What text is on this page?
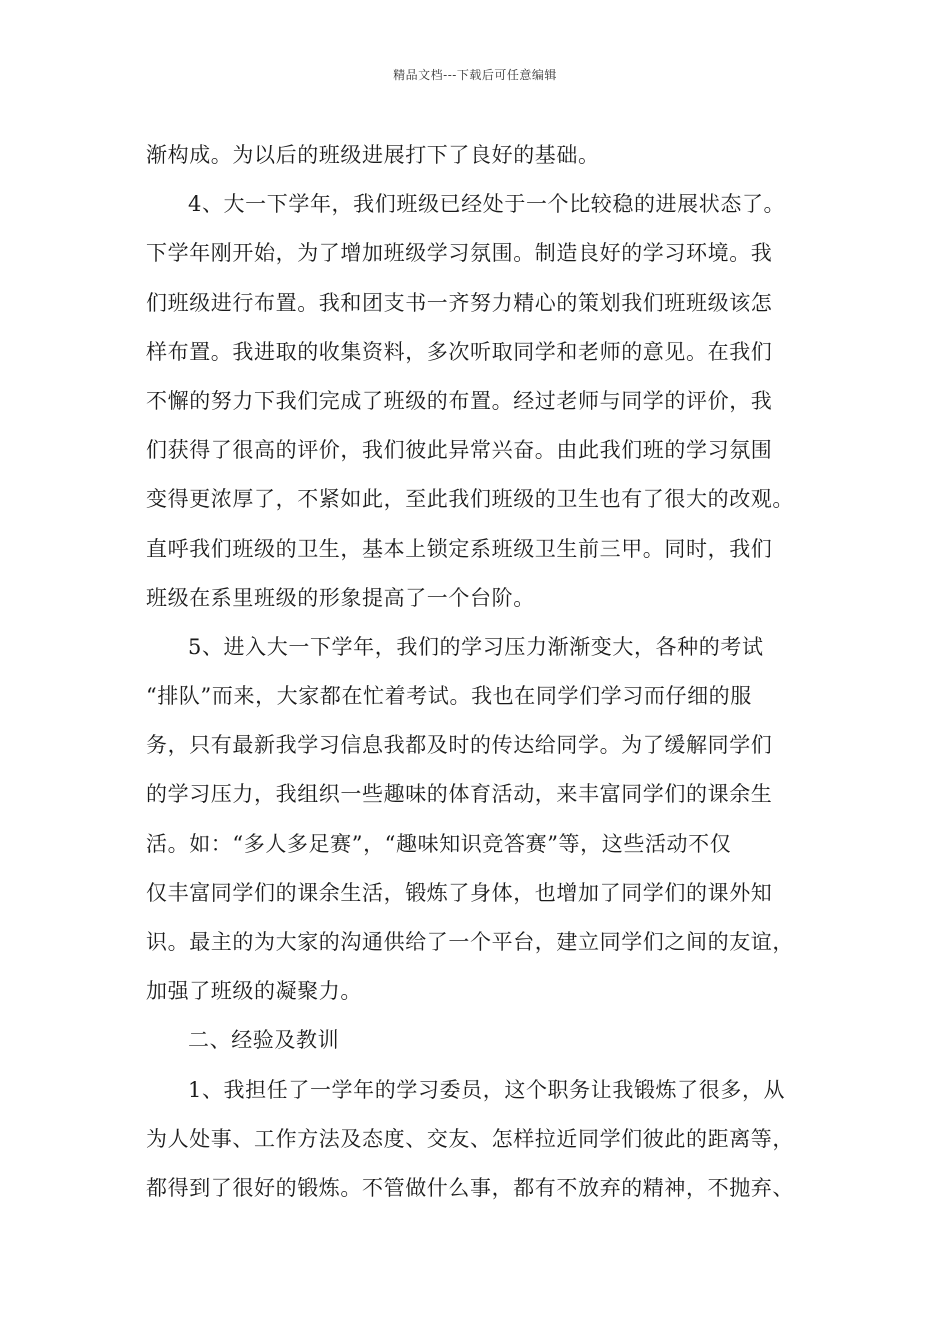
精品文档---下载后可任意编辑
渐构成。为以后的班级进展打下了良好的基础。
4、大一下学年，我们班级已经处于一个比较稳的进展状态了。
下学年刚开始，为了增加班级学习氛围。制造良好的学习环境。我
们班级进行布置。我和团支书一齐努力精心的策划我们班班级该怎
样布置。我进取的收集资料，多次听取同学和老师的意见。在我们
不懈的努力下我们完成了班级的布置。经过老师与同学的评价，我
们获得了很高的评价，我们彼此异常兴奋。由此我们班的学习氛围
变得更浓厚了，不紧如此，至此我们班级的卫生也有了很大的改观。
直呼我们班级的卫生，基本上锁定系班级卫生前三甲。同时，我们
班级在系里班级的形象提高了一个台阶。
5、进入大一下学年，我们的学习压力渐渐变大，各种的考试
“排队”而来，大家都在忙着考试。我也在同学们学习而仔细的服
务，只有最新我学习信息我都及时的传达给同学。为了缓解同学们
的学习压力，我组织一些趣味的体育活动，来丰富同学们的课余生
活。如：“多人多足赛”，“趣味知识竞答赛”等，这些活动不仅
仅丰富同学们的课余生活，锻炼了身体，也增加了同学们的课外知
识。最主的为大家的沟通供给了一个平台，建立同学们之间的友谊，
加强了班级的凝聚力。
二、经验及教训
1、我担任了一学年的学习委员，这个职务让我锻炼了很多，从
为人处事、工作方法及态度、交友、怎样拉近同学们彼此的距离等，
都得到了很好的锻炼。不管做什么事，都有不放弃的精神，不抛弃、
